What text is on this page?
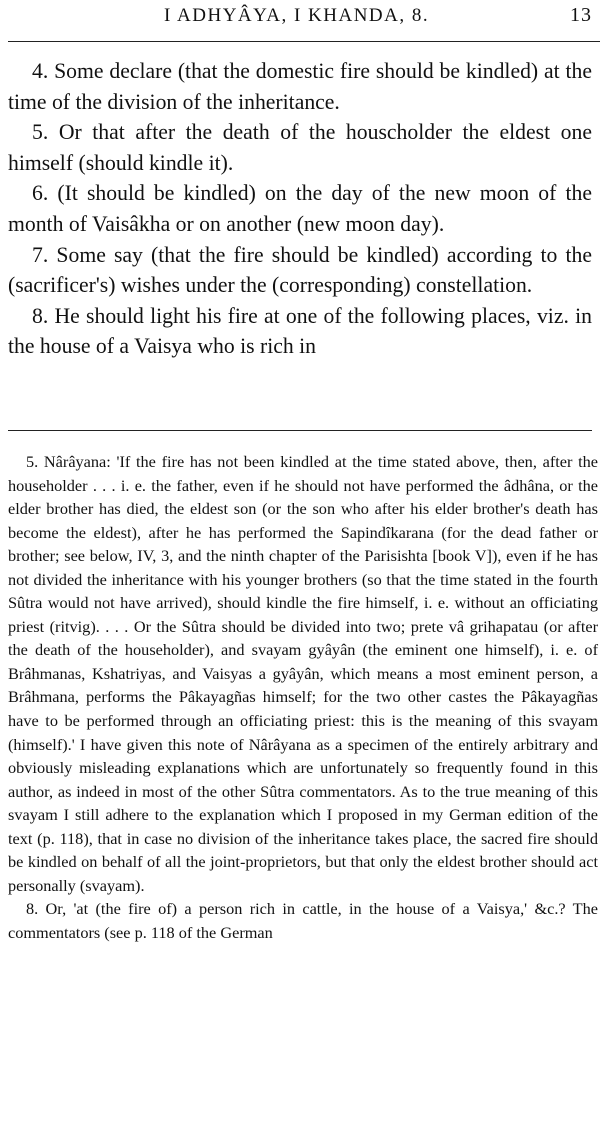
I ADHYÂYA, I KHANDA, 8.	13

4. Some declare (that the domestic fire should be kindled) at the time of the division of the inheritance.

5. Or that after the death of the houscholder the eldest one himself (should kindle it).

6. (It should be kindled) on the day of the new moon of the month of Vaisâkha or on another (new moon day).

7. Some say (that the fire should be kindled) according to the (sacrificer's) wishes under the (corresponding) constellation.

8. He should light his fire at one of the following places, viz. in the house of a Vaisya who is rich in

5. Nârâyana: 'If the fire has not been kindled at the time stated above, then, after the householder . . . i. e. the father, even if he should not have performed the âdhâna, or the elder brother has died, the eldest son (or the son who after his elder brother's death has become the eldest), after he has performed the Sapindîkarana (for the dead father or brother; see below, IV, 3, and the ninth chapter of the Parisishta [book V]), even if he has not divided the inheritance with his younger brothers (so that the time stated in the fourth Sûtra would not have arrived), should kindle the fire himself, i. e. without an officiating priest (ritvig). . . . Or the Sûtra should be divided into two; prete vâ grihapatau (or after the death of the householder), and svayam gyâyân (the eminent one himself), i. e. of Brâhmanas, Kshatriyas, and Vaisyas a gyâyân, which means a most eminent person, a Brâhmana, performs the Pâkayagñas himself; for the two other castes the Pâkayagñas have to be performed through an officiating priest: this is the meaning of this svayam (himself).' I have given this note of Nârâyana as a specimen of the entirely arbitrary and obviously misleading explanations which are unfortunately so frequently found in this author, as indeed in most of the other Sûtra commentators. As to the true meaning of this svayam I still adhere to the explanation which I proposed in my German edition of the text (p. 118), that in case no division of the inheritance takes place, the sacred fire should be kindled on behalf of all the joint-proprietors, but that only the eldest brother should act personally (svayam).

8. Or, 'at (the fire of) a person rich in cattle, in the house of a Vaisya,' &c.? The commentators (see p. 118 of the German
